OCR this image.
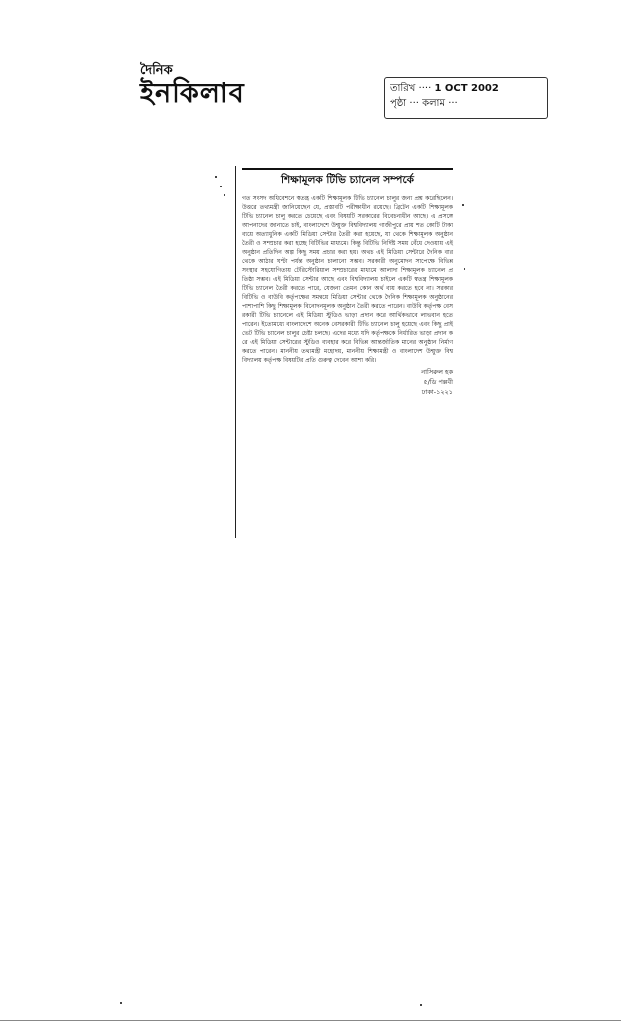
দৈনিক
ইনকিলাব	তারিখ ···· 1 OCT 2002
পৃষ্ঠা ··· কলাম ···
শিক্ষামূলক টিভি চ্যানেল সম্পর্কে
গত সংসদ অধিবেশনে স্বতন্ত্র একটি শিক্ষামূলক টিভি চ্যানেল চালুর জন্য প্রশ্ন করেছিলেন। উত্তরে তথ্যমন্ত্রী জানিয়েছেন যে, প্রস্তাবটি পরীক্ষাধীন রয়েছে। ব্রিটেন একটি শিক্ষামূলক টিভি চ্যানেল চালু করতে চেয়েছে এবং বিষয়টি সরকারের বিবেচনাধীন আছে। এ প্রসঙ্গে আপনাদের জানাতে চাই, বাংলাদেশে উন্মুক্ত বিশ্ববিদ্যালয় গাজীপুরে প্রায় শত কোটি টাকা ব্যয়ে অত্যাধুনিক একটি মিডিয়া সেন্টার তৈরী করা হয়েছে, যা থেকে শিক্ষামূলক অনুষ্ঠান তৈরী ও সম্প্রচার করা হচ্ছে বিটিভির মাধ্যমে। কিন্তু বিটিভি নির্দিষ্ট সময় বেঁধে দেওয়ায় এই অনুষ্ঠান প্রতিদিন অল্প কিছু সময় প্রচার করা হয়। অথচ এই মিডিয়া সেন্টারে দৈনিক বার থেকে আঠার ঘণ্টা পর্যন্ত অনুষ্ঠান চালানো সম্ভব। সরকারী অনুমোদন সাপেক্ষে বিভিন্ন সংস্থার সহযোগিতায় টেরিস্টোরিয়াল সম্প্রচারের মাধ্যমে আলাদা শিক্ষামূলক চ্যানেল প্রতিষ্ঠা সম্ভব। এই মিডিয়া সেন্টার আছে এবং বিশ্ববিদ্যালয় চাইলে একটি স্বতন্ত্র শিক্ষামূলক টিভি চ্যানেল তৈরী করতে পারে, যেজন্য তেমন কোন অর্থ ব্যয় করতে হবে না। সরকার বিটিভি ও বাউবি কর্তৃপক্ষের সমন্বয়ে মিডিয়া সেন্টার থেকে দৈনিক শিক্ষামূলক অনুষ্ঠানের পাশাপাশি কিছু শিক্ষামূলক বিনোদনমূলক অনুষ্ঠান তৈরী করতে পারেন। বাউবি কর্তৃপক্ষ বেসরকারী টিভি চ্যানেলে এই মিডিয়া স্টুডিও ভাড়া প্রদান করে আর্থিকভাবে লাভবান হতে পারেন। ইতোমধ্যে বাংলাদেশে অনেক বেসরকারী টিভি চ্যানেল চালু হয়েছে এবং কিছু প্রাইভেট টিভি চ্যানেল চালুর চেষ্টা চলছে। এদের মধ্যে যদি কর্তৃপক্ষকে নির্ধারিত ভাড়া প্রদান করে এই মিডিয়া সেন্টারের স্টুডিও ব্যবহার করে বিভিন্ন আন্তর্জাতিক মানের অনুষ্ঠান নির্মাণ করতে পারেন। মাননীয় তথ্যমন্ত্রী মহোদয়, মাননীয় শিক্ষামন্ত্রী ও বাংলাদেশ উন্মুক্ত বিশ্ববিদ্যালয় কর্তৃপক্ষ বিষয়টির প্রতি গুরুত্ব দেবেন আশা করি।
নাসিরুল হক
৫/ডি পল্লবী
ঢাকা-১২২১
